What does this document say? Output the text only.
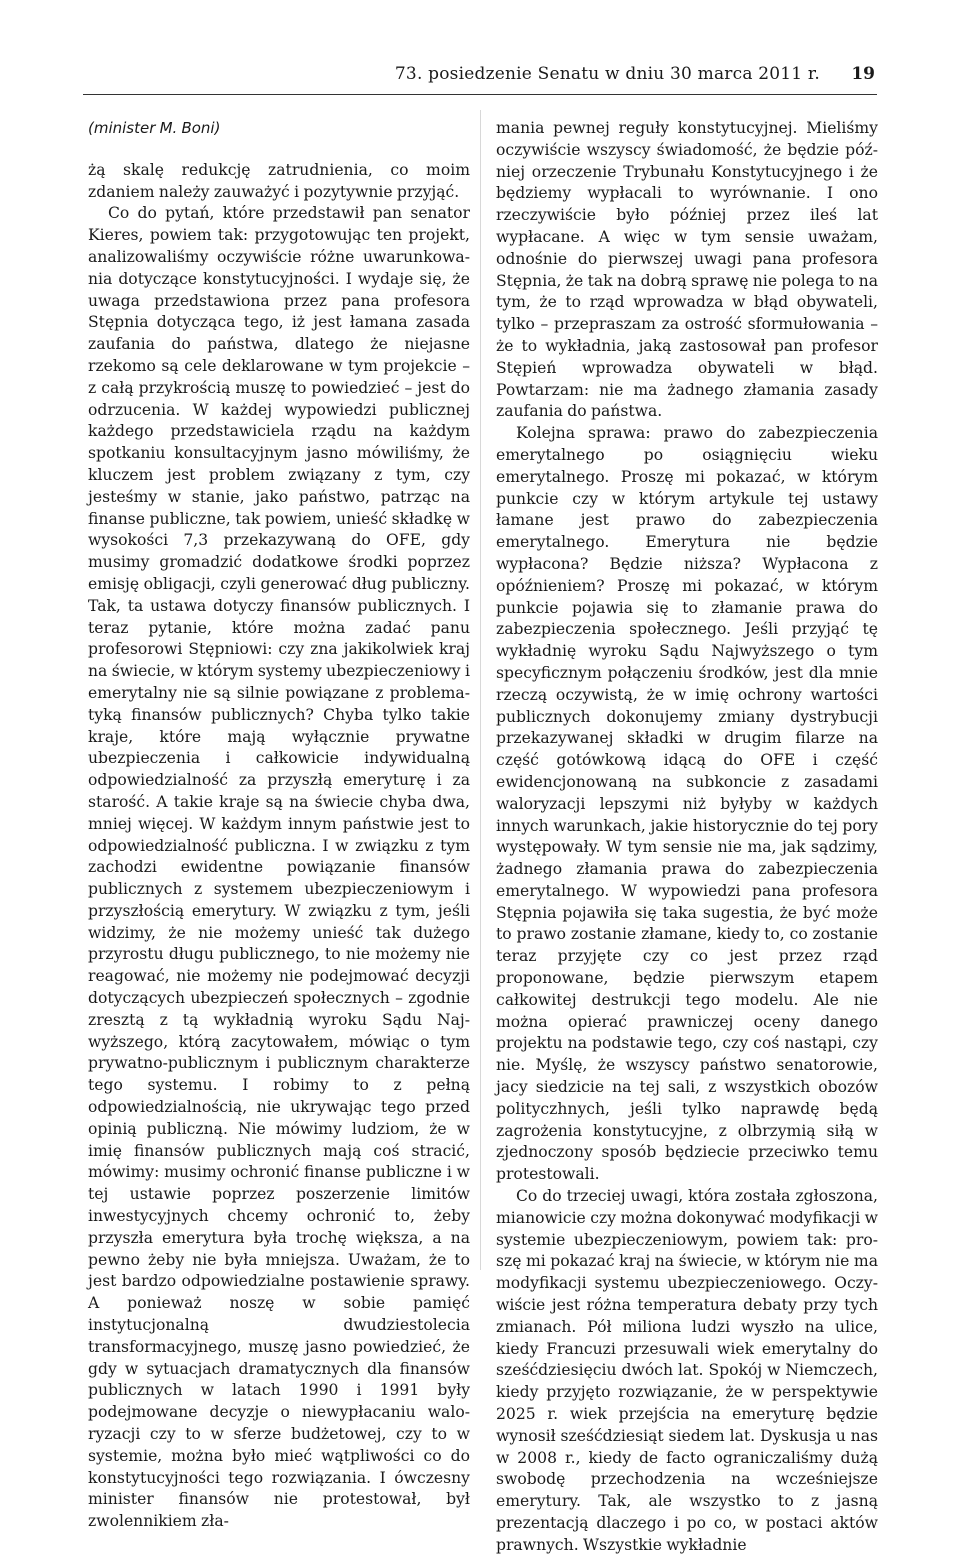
73. posiedzenie Senatu w dniu 30 marca 2011 r.	19

(minister M. Boni)

żą skalę redukcję zatrudnienia, co moim zdaniem należy zauważyć i pozytywnie przyjąć.

Co do pytań, które przedstawił pan senator Kieres, powiem tak: przygotowując ten projekt, analizowaliśmy oczywiście różne uwarunkowania dotyczące konstytucyjności. I wydaje się, że uwaga przedstawiona przez pana profesora Stępnia dotycząca tego, iż jest łamana zasada zaufania do państwa, dlatego że niejasne rzekomo są cele deklarowane w tym projekcie – z całą przykrością muszę to powiedzieć – jest do odrzucenia. W każdej wypowiedzi publicznej każdego przedstawiciela rządu na każdym spotkaniu konsultacyjnym jasno mówiliśmy, że kluczem jest problem związany z tym, czy jesteśmy w stanie, jako państwo, patrząc na finanse publiczne, tak powiem, unieść składkę w wysokości 7,3 przekazywaną do OFE, gdy musimy gromadzić dodatkowe środki poprzez emisję obligacji, czyli generować dług publiczny. Tak, ta ustawa dotyczy finansów publicznych. I teraz pytanie, które można zadać panu profesorowi Stępniowi: czy zna jakikolwiek kraj na świecie, w którym systemy ubezpieczeniowy i emerytalny nie są silnie powiązane z problematyką finansów publicznych? Chyba tylko takie kraje, które mają wyłącznie prywatne ubezpieczenia i całkowicie indywidualną odpowiedzialność za przyszłą emeryturę i za starość. A takie kraje są na świecie chyba dwa, mniej więcej. W każdym innym państwie jest to odpowiedzialność publiczna. I w związku z tym zachodzi ewidentne powiązanie finansów publicznych z systemem ubezpieczeniowym i przyszłością emerytury. W związku z tym, jeśli widzimy, że nie możemy unieść tak dużego przyrostu długu publicznego, to nie możemy nie reagować, nie możemy nie podejmować decyzji dotyczących ubezpieczeń społecznych – zgodnie zresztą z tą wykładnią wyroku Sądu Najwyższego, którą zacytowałem, mówiąc o tym prywatno-publicznym i publicznym charakterze tego systemu. I robimy to z pełną odpowiedzialnością, nie ukrywając tego przed opinią publiczną. Nie mówimy ludziom, że w imię finansów publicznych mają coś stracić, mówimy: musimy ochronić finanse publiczne i w tej ustawie poprzez poszerzenie limitów inwestycyjnych chcemy ochronić to, żeby przyszła emerytura była trochę większa, a na pewno żeby nie była mniejsza. Uważam, że to jest bardzo odpowiedzialne postawienie sprawy. A ponieważ noszę w sobie pamięć instytucjonalną dwudziestolecia transformacyjnego, muszę jasno powiedzieć, że gdy w sytuacjach dramatycznych dla finansów publicznych w latach 1990 i 1991 były podejmowane decyzje o niewypłacaniu waloryzacji czy to w sferze budżetowej, czy to w systemie, można było mieć wątpliwości co do konstytucyjności tego rozwiązania. I ówczesny minister finansów nie protestował, był zwolennikiem zła-

mania pewnej reguły konstytucyjnej. Mieliśmy oczywiście wszyscy świadomość, że będzie później orzeczenie Trybunału Konstytucyjnego i że będziemy wypłacali to wyrównanie. I ono rzeczywiście było później przez ileś lat wypłacane. A więc w tym sensie uważam, odnośnie do pierwszej uwagi pana profesora Stępnia, że tak na dobrą sprawę nie polega to na tym, że to rząd wprowadza w błąd obywateli, tylko – przepraszam za ostrość sformułowania – że to wykładnia, jaką zastosował pan profesor Stępień wprowadza obywateli w błąd. Powtarzam: nie ma żadnego złamania zasady zaufania do państwa.

Kolejna sprawa: prawo do zabezpieczenia emerytalnego po osiągnięciu wieku emerytalnego. Proszę mi pokazać, w którym punkcie czy w którym artykule tej ustawy łamane jest prawo do zabezpieczenia emerytalnego. Emerytura nie będzie wypłacona? Będzie niższa? Wypłacona z opóźnieniem? Proszę mi pokazać, w którym punkcie pojawia się to złamanie prawa do zabezpieczenia społecznego. Jeśli przyjąć tę wykładnię wyroku Sądu Najwyższego o tym specyficznym połączeniu środków, jest dla mnie rzeczą oczywistą, że w imię ochrony wartości publicznych dokonujemy zmiany dystrybucji przekazywanej składki w drugim filarze na część gotówkową idącą do OFE i część ewidencjonowaną na subkoncie z zasadami waloryzacji lepszymi niż byłyby w każdych innych warunkach, jakie historycznie do tej pory występowały. W tym sensie nie ma, jak sądzimy, żadnego złamania prawa do zabezpieczenia emerytalnego. W wypowiedzi pana profesora Stępnia pojawiła się taka sugestia, że być może to prawo zostanie złamane, kiedy to, co zostanie teraz przyjęte czy co jest przez rząd proponowane, będzie pierwszym etapem całkowitej destrukcji tego modelu. Ale nie można opierać prawniczej oceny danego projektu na podstawie tego, czy coś nastąpi, czy nie. Myślę, że wszyscy państwo senatorowie, jacy siedzicie na tej sali, z wszystkich obozów polityczhnych, jeśli tylko naprawdę będą zagrożenia konstytucyjne, z olbrzymią siłą w zjednoczony sposób będziecie przeciwko temu protestowali.

Co do trzeciej uwagi, która została zgłoszona, mianowicie czy można dokonywać modyfikacji w systemie ubezpieczeniowym, powiem tak: proszę mi pokazać kraj na świecie, w którym nie ma modyfikacji systemu ubezpieczeniowego. Oczywiście jest różna temperatura debaty przy tych zmianach. Pół miliona ludzi wyszło na ulice, kiedy Francuzi przesuwali wiek emerytalny do sześćdziesięciu dwóch lat. Spokój w Niemczech, kiedy przyjęto rozwiązanie, że w perspektywie 2025 r. wiek przejścia na emeryturę będzie wynosił sześćdziesiąt siedem lat. Dyskusja u nas w 2008 r., kiedy de facto ograniczaliśmy dużą swobodę przechodzenia na wcześniejsze emerytury. Tak, ale wszystko to z jasną prezentacją dlaczego i po co, w postaci aktów prawnych. Wszystkie wykładnie
